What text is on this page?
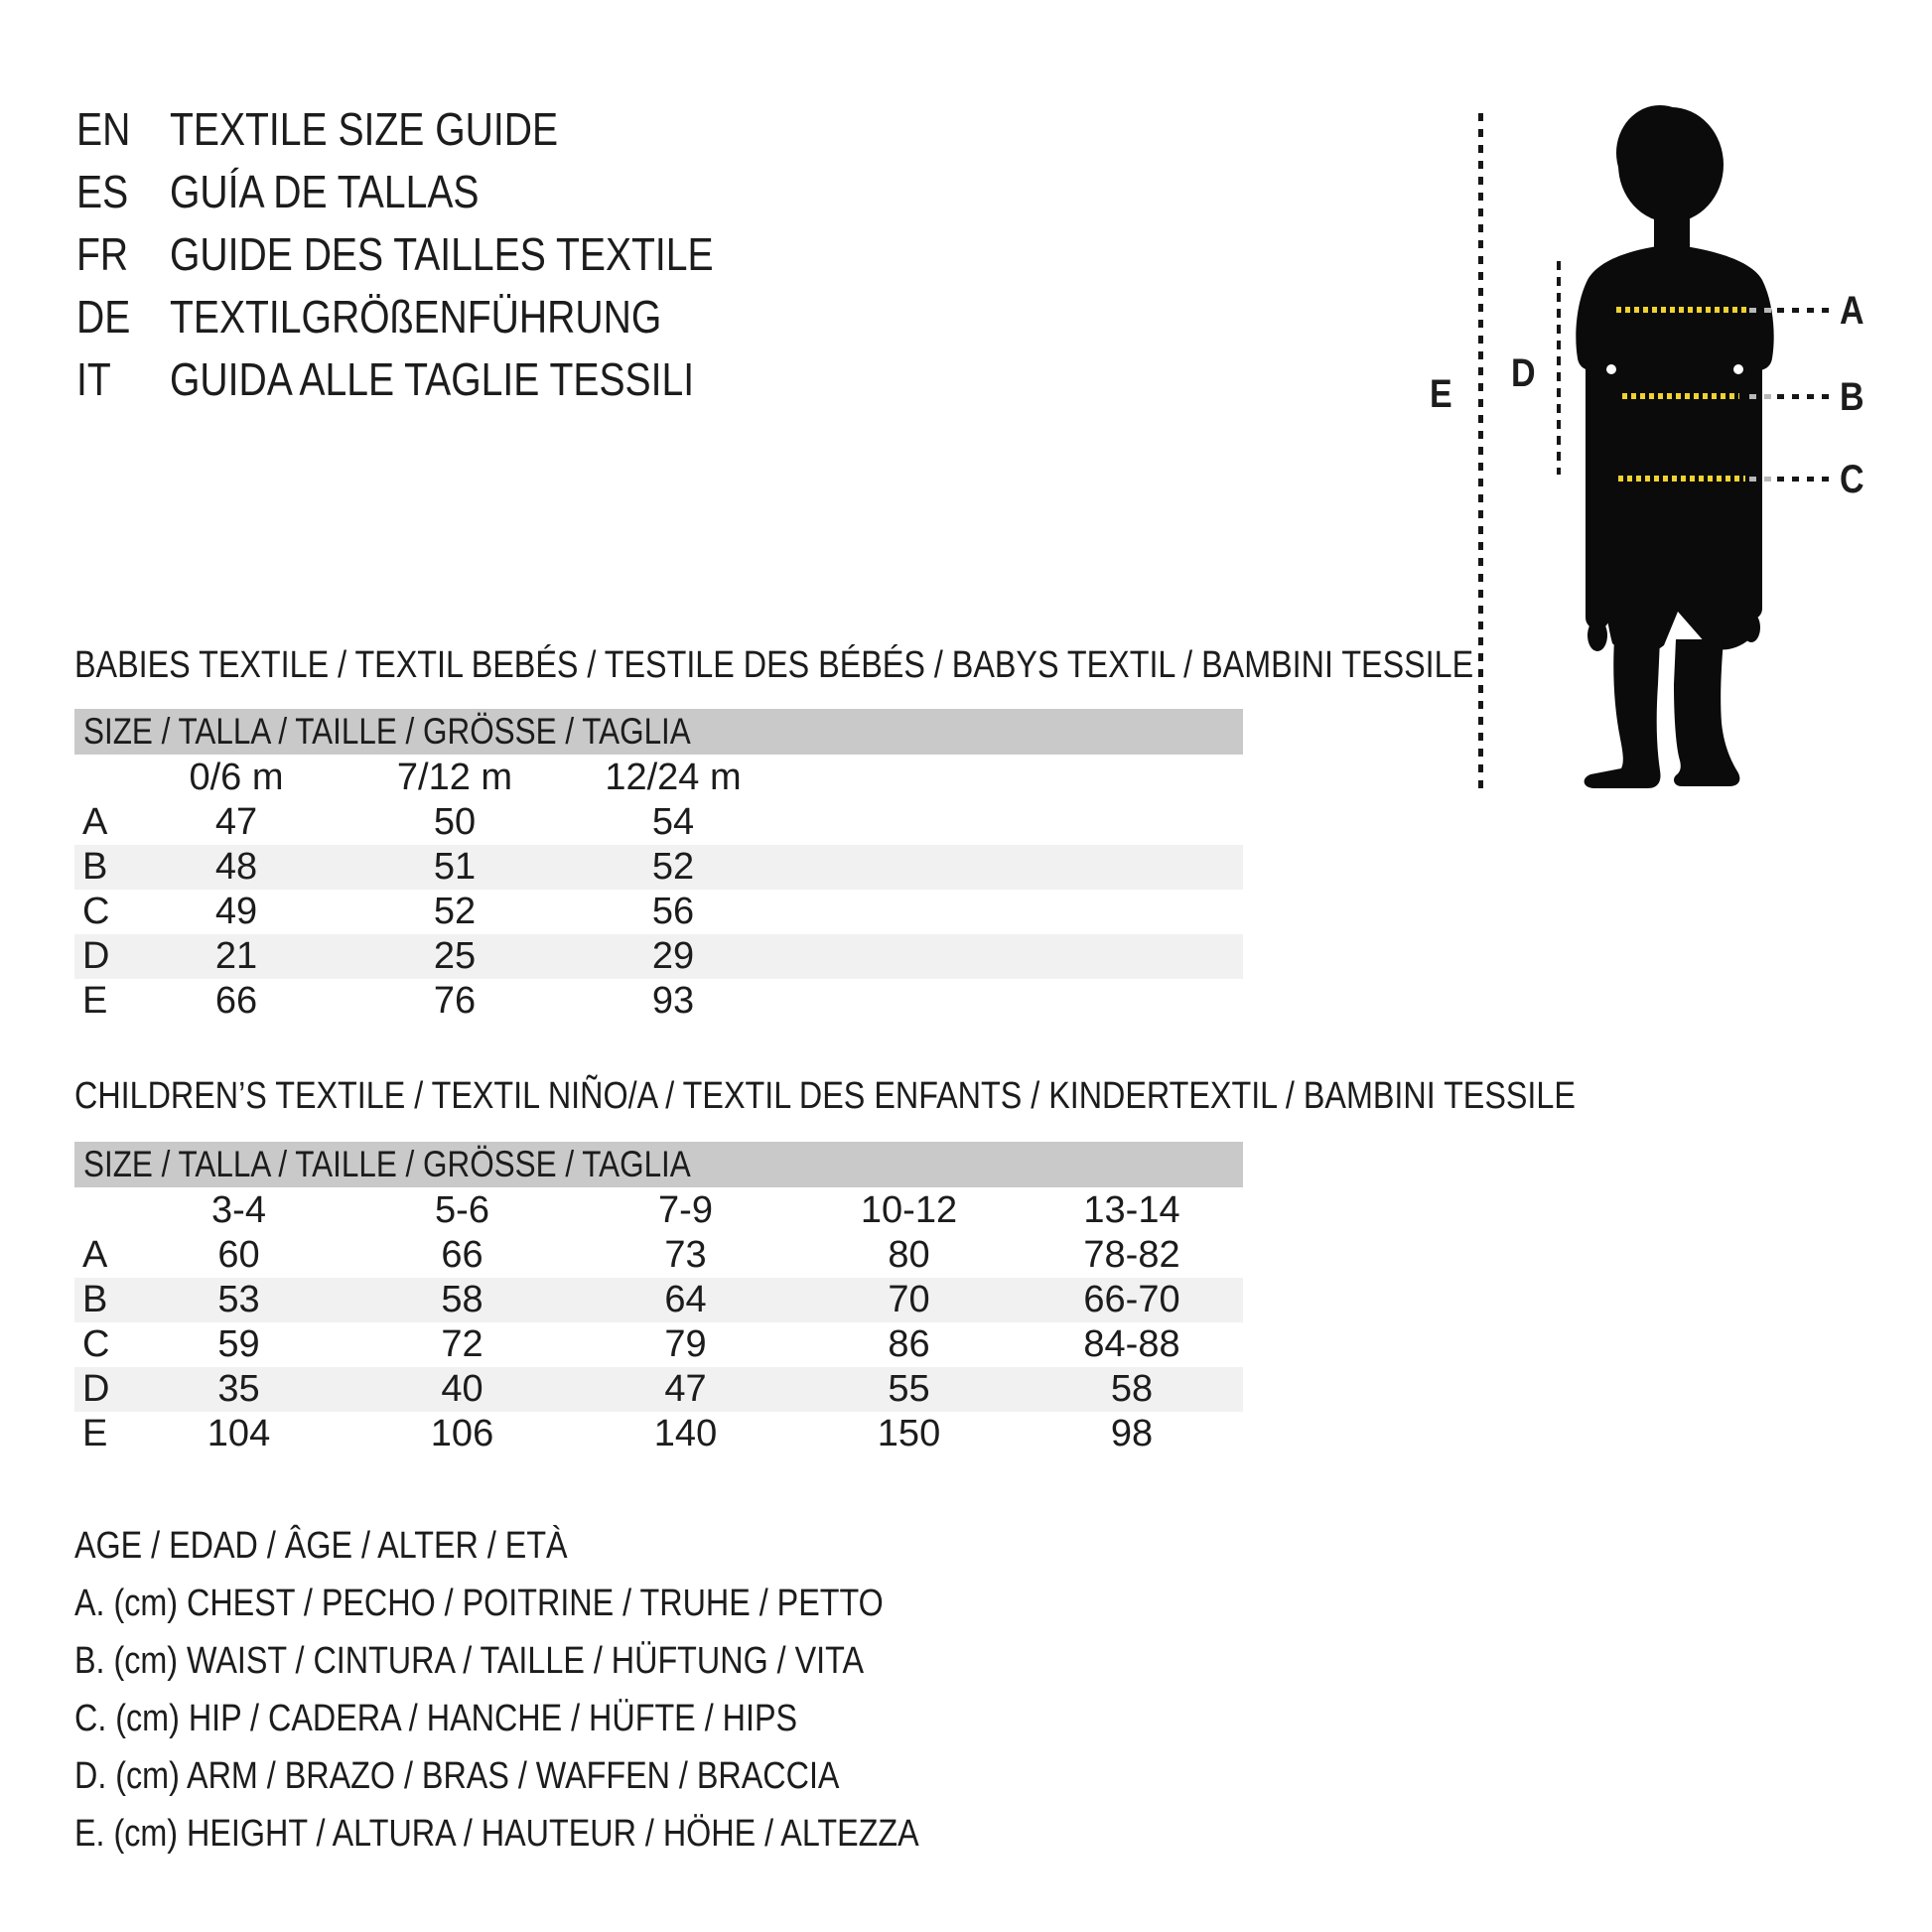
EN TEXTILE SIZE GUIDE
ES GUÍA DE TALLAS
FR GUIDE DES TAILLES TEXTILE
DE TEXTILGRÖßENFÜHRUNG
IT	GUIDA ALLE TAGLIE TESSILI
A
B
C
D
E
BABIES TEXTILE / TEXTIL BEBÉS / TESTILE DES BÉBÉS / BABYS TEXTIL / BAMBINI TESSILE
SIZE / TALLA / TAILLE / GRÖSSE / TAGLIA
	0/6 m	7/12 m	12/24 m	
A	47	50	54	
B	48	51	52	
C	49	52	56	
D	21	25	29	
E	66	76	93	
CHILDREN’S TEXTILE / TEXTIL NIÑO/A / TEXTIL DES ENFANTS / KINDERTEXTIL / BAMBINI TESSILE
SIZE / TALLA / TAILLE / GRÖSSE / TAGLIA
	3-4	5-6	7-9	10-12	13-14
A	60	66	73	80	78-82
B	53	58	64	70	66-70
C	59	72	79	86	84-88
D	35	40	47	55	58
E	104	106	140	150	98
AGE / EDAD / ÂGE / ALTER / ETÀ
A. (cm) CHEST / PECHO / POITRINE / TRUHE / PETTO
B. (cm) WAIST / CINTURA / TAILLE / HÜFTUNG / VITA
C. (cm) HIP / CADERA / HANCHE / HÜFTE / HIPS
D. (cm) ARM / BRAZO / BRAS / WAFFEN / BRACCIA
E. (cm) HEIGHT / ALTURA / HAUTEUR / HÖHE / ALTEZZA
